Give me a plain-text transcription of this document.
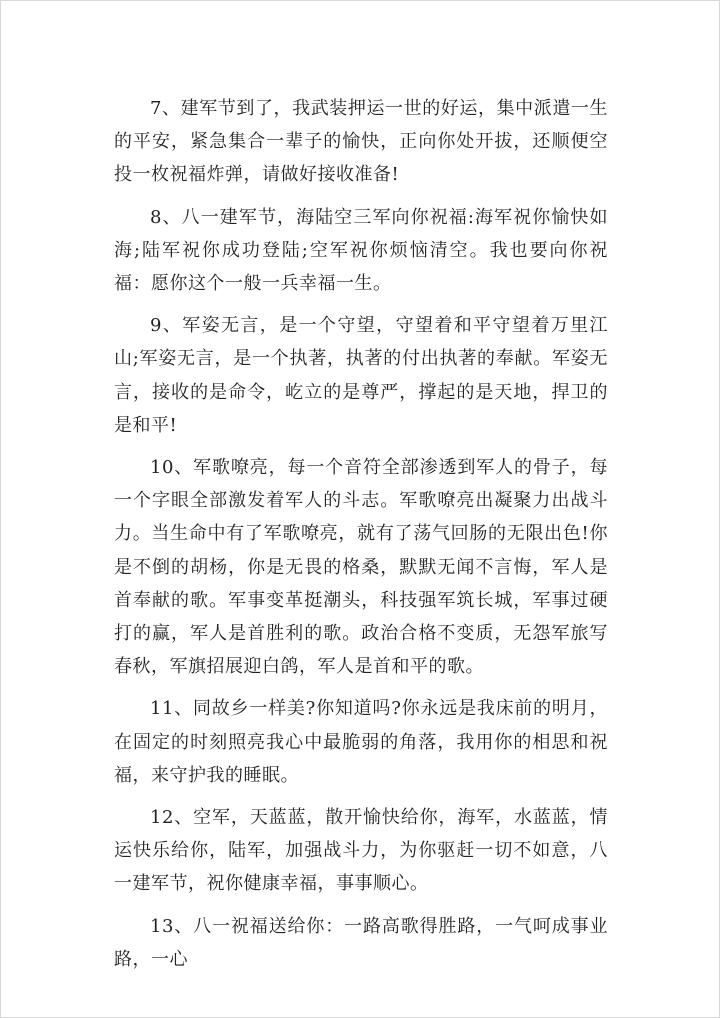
7、建军节到了，我武装押运一世的好运，集中派遣一生的平安，紧急集合一辈子的愉快，正向你处开拔，还顺便空投一枚祝福炸弹，请做好接收准备!

8、八一建军节，海陆空三军向你祝福:海军祝你愉快如海;陆军祝你成功登陆;空军祝你烦恼清空。我也要向你祝福：愿你这个一般一兵幸福一生。

9、军姿无言，是一个守望，守望着和平守望着万里江山;军姿无言，是一个执著，执著的付出执著的奉献。军姿无言，接收的是命令，屹立的是尊严，撑起的是天地，捍卫的是和平!

10、军歌嘹亮，每一个音符全部渗透到军人的骨子，每一个字眼全部激发着军人的斗志。军歌嘹亮出凝聚力出战斗力。当生命中有了军歌嘹亮，就有了荡气回肠的无限出色!你是不倒的胡杨，你是无畏的格桑，默默无闻不言悔，军人是首奉献的歌。军事变革挺潮头，科技强军筑长城，军事过硬打的赢，军人是首胜利的歌。政治合格不变质，无怨军旅写春秋，军旗招展迎白鸽，军人是首和平的歌。

11、同故乡一样美?你知道吗?你永远是我床前的明月，在固定的时刻照亮我心中最脆弱的角落，我用你的相思和祝福，来守护我的睡眠。

12、空军，天蓝蓝，散开愉快给你，海军，水蓝蓝，情运快乐给你，陆军，加强战斗力，为你驱赶一切不如意，八一建军节，祝你健康幸福，事事顺心。

13、八一祝福送给你：一路高歌得胜路，一气呵成事业路，一心
